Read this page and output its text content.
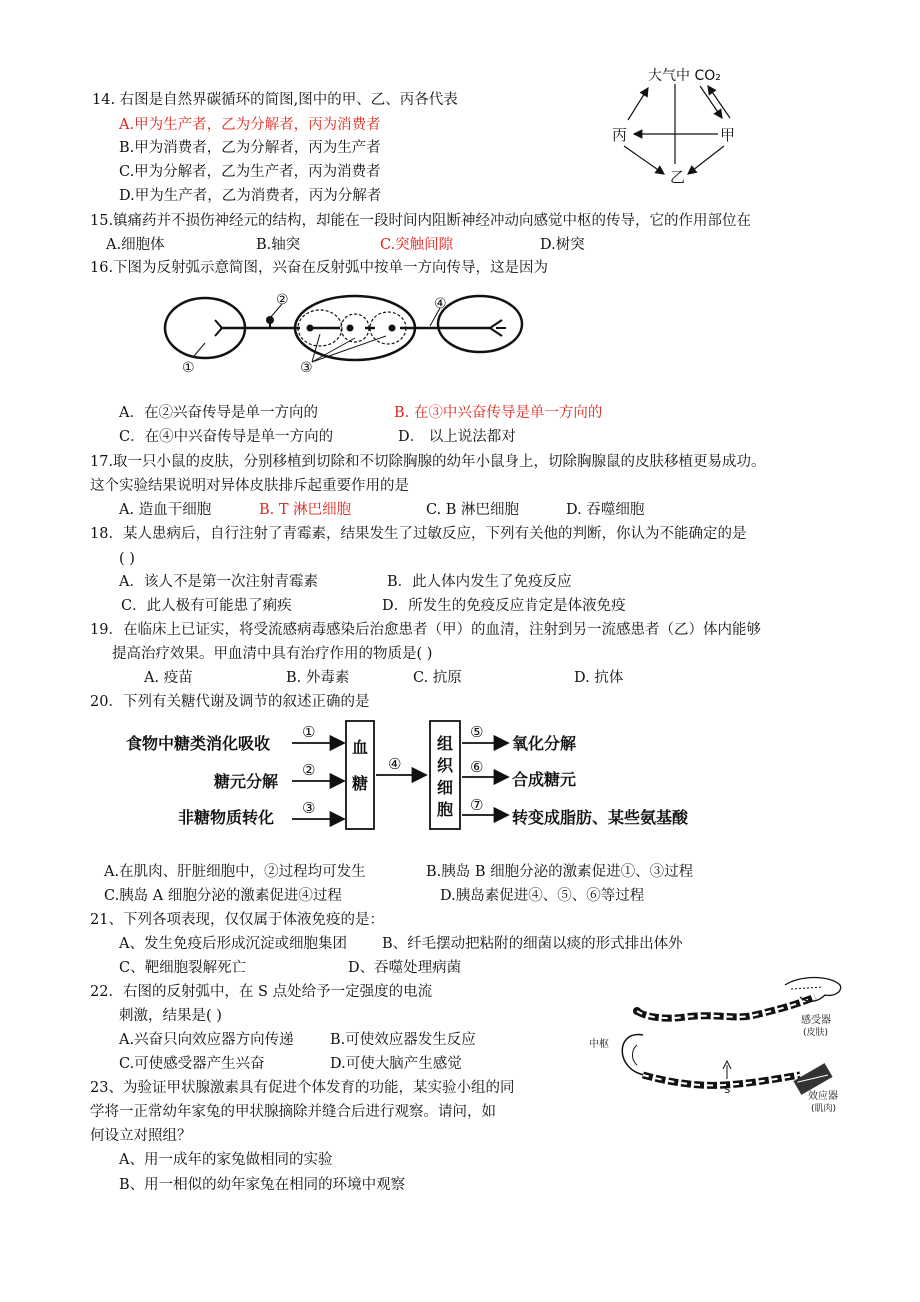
14. 右图是自然界碳循环的简图,图中的甲、乙、丙各代表
A.甲为生产者，乙为分解者，丙为消费者
B.甲为消费者，乙为分解者，丙为生产者
C.甲为分解者，乙为生产者，丙为消费者
D.甲为生产者，乙为消费者，丙为分解者
大气中 CO₂
丙	甲
乙
15.镇痛药并不损伤神经元的结构，却能在一段时间内阻断神经冲动向感觉中枢的传导，它的作用部位在
A.细胞体	B.轴突	C.突触间隙	D.树突
16.下图为反射弧示意简图，兴奋在反射弧中按单一方向传导，这是因为
②	④
①	③
A．在②兴奋传导是单一方向的	B. 在③中兴奋传导是单一方向的
C．在④中兴奋传导是单一方向的	D． 以上说法都对
17.取一只小鼠的皮肤，分别移植到切除和不切除胸腺的幼年小鼠身上，切除胸腺鼠的皮肤移植更易成功。
这个实验结果说明对异体皮肤排斥起重要作用的是
A. 造血干细胞	B. T 淋巴细胞	C. B 淋巴细胞	D. 吞噬细胞
18．某人患病后，自行注射了青霉素，结果发生了过敏反应，下列有关他的判断，你认为不能确定的是
( )
A．该人不是第一次注射青霉素	B．此人体内发生了免疫反应
C．此人极有可能患了痢疾	D．所发生的免疫反应肯定是体液免疫
19．在临床上已证实，将受流感病毒感染后治愈患者（甲）的血清，注射到另一流感患者（乙）体内能够
提高治疗效果。甲血清中具有治疗作用的物质是( )
A. 疫苗	B. 外毒素	C. 抗原	D. 抗体
20．下列有关糖代谢及调节的叙述正确的是
食物中糖类消化吸收
糖元分解
非糖物质转化
①
②
③
血
糖
④
组
织
细
胞
⑤
⑥
⑦
氧化分解
合成糖元
转变成脂肪、某些氨基酸
A.在肌肉、肝脏细胞中，②过程均可发生	B.胰岛 B 细胞分泌的激素促进①、③过程
C.胰岛 A 细胞分泌的激素促进④过程	D.胰岛素促进④、⑤、⑥等过程
21、下列各项表现，仅仅属于体液免疫的是：
A、发生免疫后形成沉淀或细胞集团 B、纤毛摆动把粘附的细菌以痰的形式排出体外
C、靶细胞裂解死亡	D、吞噬处理病菌
22．右图的反射弧中，在 S 点处给予一定强度的电流
刺激，结果是( )
A.兴奋只向效应器方向传递	B.可使效应器发生反应
C.可使感受器产生兴奋	D.可使大脑产生感觉
中枢
感受器
(皮肤)
S
效应器
(肌肉)
23、为验证甲状腺激素具有促进个体发育的功能，某实验小组的同
学将一正常幼年家兔的甲状腺摘除并缝合后进行观察。请问，如
何设立对照组？
A、用一成年的家兔做相同的实验
B、用一相似的幼年家兔在相同的环境中观察
